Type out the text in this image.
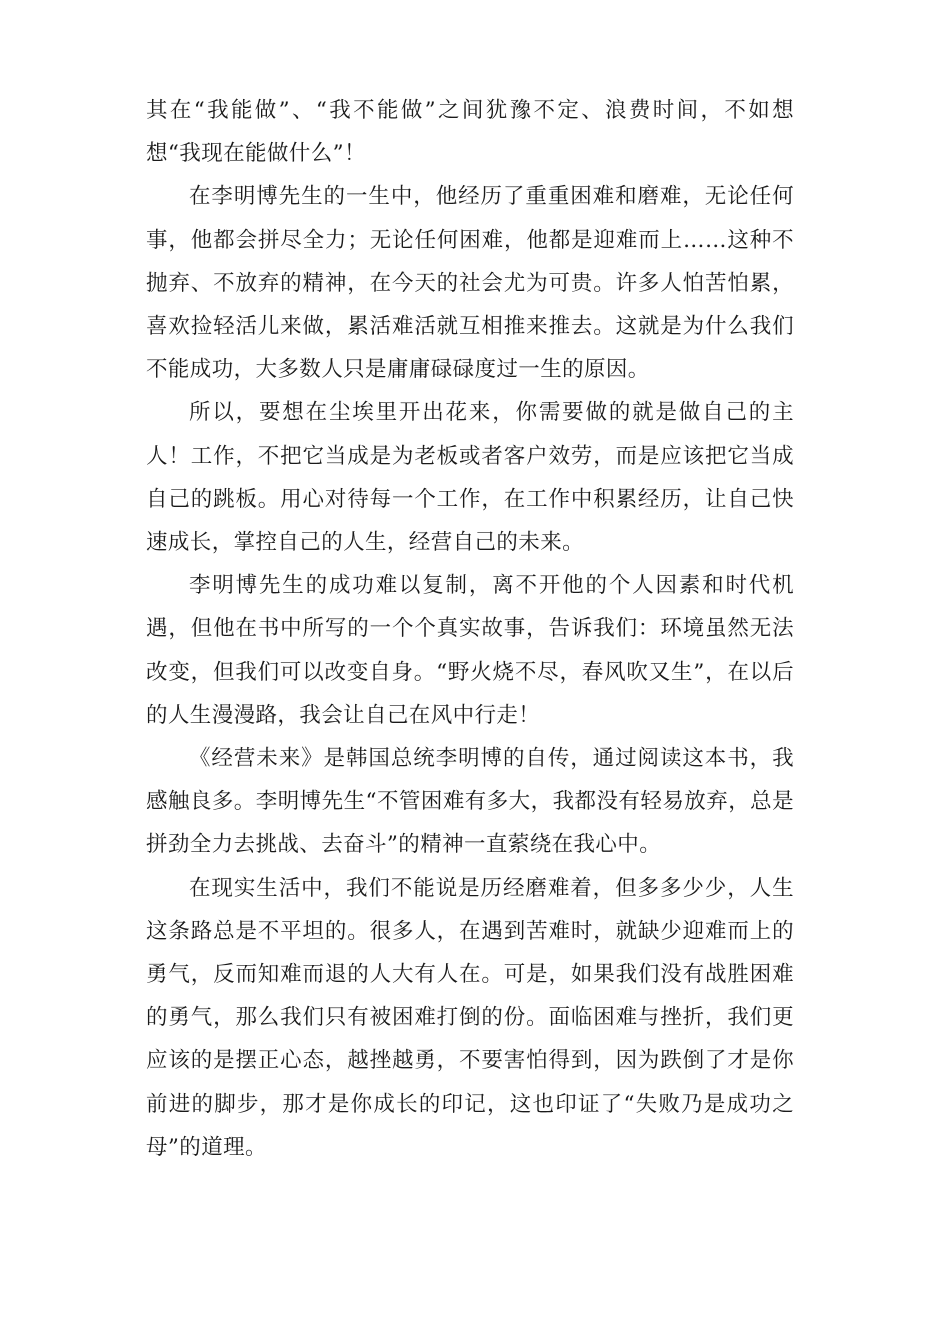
其在“我能做”、“我不能做”之间犹豫不定、浪费时间，不如想想“我现在能做什么”！

在李明博先生的一生中，他经历了重重困难和磨难，无论任何事，他都会拼尽全力；无论任何困难，他都是迎难而上……这种不抛弃、不放弃的精神，在今天的社会尤为可贵。许多人怕苦怕累，喜欢捡轻活儿来做，累活难活就互相推来推去。这就是为什么我们不能成功，大多数人只是庸庸碌碌度过一生的原因。

所以，要想在尘埃里开出花来，你需要做的就是做自己的主人！工作，不把它当成是为老板或者客户效劳，而是应该把它当成自己的跳板。用心对待每一个工作，在工作中积累经历，让自己快速成长，掌控自己的人生，经营自己的未来。

李明博先生的成功难以复制，离不开他的个人因素和时代机遇，但他在书中所写的一个个真实故事，告诉我们：环境虽然无法改变，但我们可以改变自身。“野火烧不尽，春风吹又生”，在以后的人生漫漫路，我会让自己在风中行走！

《经营未来》是韩国总统李明博的自传，通过阅读这本书，我感触良多。李明博先生“不管困难有多大，我都没有轻易放弃，总是拼劲全力去挑战、去奋斗”的精神一直萦绕在我心中。

在现实生活中，我们不能说是历经磨难着，但多多少少，人生这条路总是不平坦的。很多人，在遇到苦难时，就缺少迎难而上的勇气，反而知难而退的人大有人在。可是，如果我们没有战胜困难的勇气，那么我们只有被困难打倒的份。面临困难与挫折，我们更应该的是摆正心态，越挫越勇，不要害怕得到，因为跌倒了才是你前进的脚步，那才是你成长的印记，这也印证了“失败乃是成功之母”的道理。
